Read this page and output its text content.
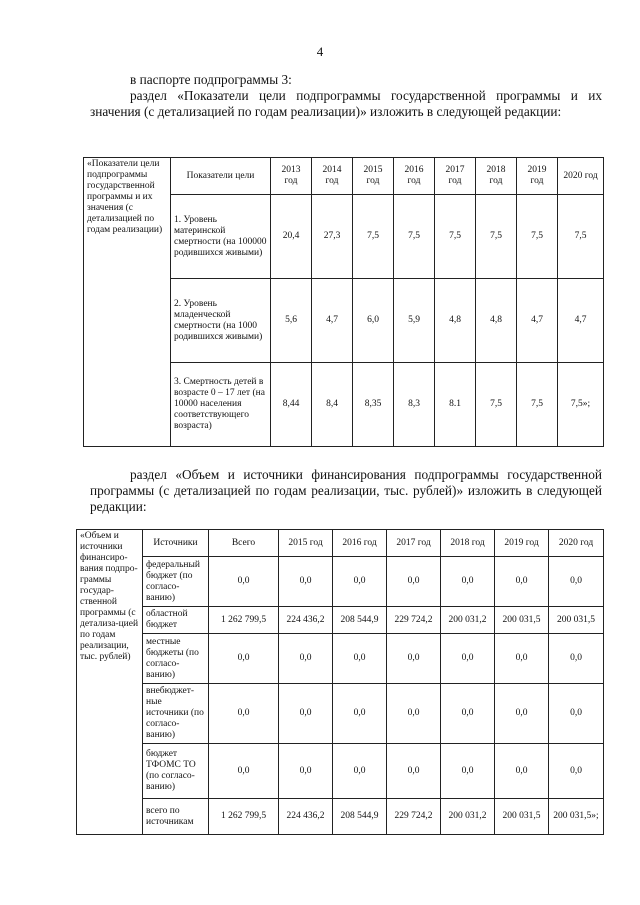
4

в паспорте подпрограммы 3:

раздел «Показатели цели подпрограммы государственной программы и их значения (с детализацией по годам реализации)» изложить в следующей редакции:

«Показатели цели подпрограммы государственной программы и их значения (с детализацией по годам реализации)	Показатели цели	2013 год	2014 год	2015 год	2016 год	2017 год	2018 год	2019 год	2020 год
	1. Уровень материнской смертности (на 100000 родившихся живыми)	20,4	27,3	7,5	7,5	7,5	7,5	7,5	7,5
	2. Уровень младенческой смертности (на 1000 родившихся живыми)	5,6	4,7	6,0	5,9	4,8	4,8	4,7	4,7
	3. Смертность детей в возрасте 0 – 17 лет (на 10000 населения соответствующего возраста)	8,44	8,4	8,35	8,3	8.1	7,5	7,5	7,5»;

раздел «Объем и источники финансирования подпрограммы государственной программы (с детализацией по годам реализации, тыс. рублей)» изложить в следующей редакции:

«Объем и источники финансиро-вания подпро-граммы государ-ственной программы (с детализа-цией по годам реализации, тыс. рублей)	Источники	Всего	2015 год	2016 год	2017 год	2018 год	2019 год	2020 год
	федеральный бюджет (по согласо-ванию)	0,0	0,0	0,0	0,0	0,0	0,0	0,0
	областной бюджет	1 262 799,5	224 436,2	208 544,9	229 724,2	200 031,2	200 031,5	200 031,5
	местные бюджеты (по согласо-ванию)	0,0	0,0	0,0	0,0	0,0	0,0	0,0
	внебюджет-ные источники (по согласо-ванию)	0,0	0,0	0,0	0,0	0,0	0,0	0,0
	бюджет ТФОМС ТО (по согласо-ванию)	0,0	0,0	0,0	0,0	0,0	0,0	0,0
	всего по источникам	1 262 799,5	224 436,2	208 544,9	229 724,2	200 031,2	200 031,5	200 031,5»;
